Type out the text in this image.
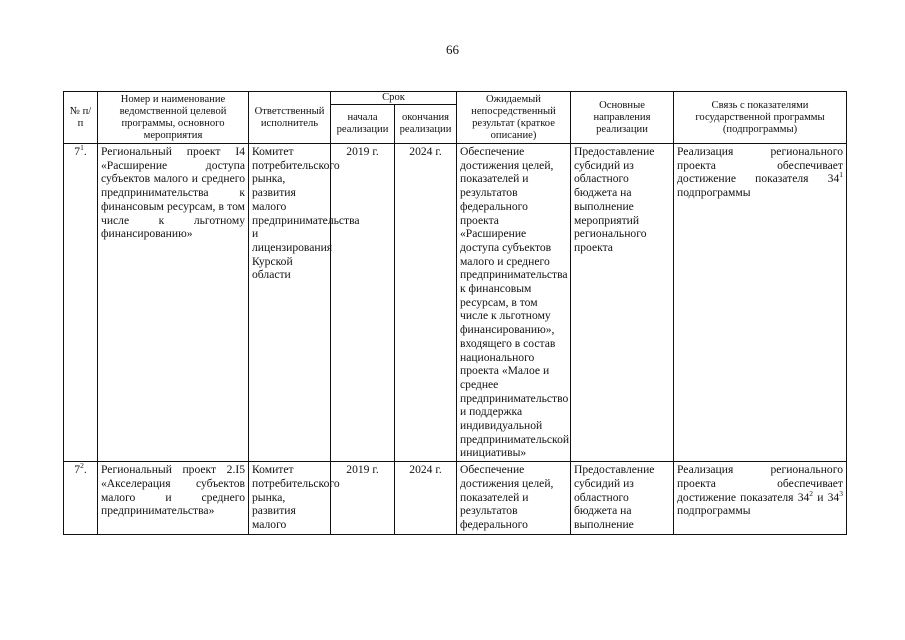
66
№ п/п	Номер и наименование ведомственной целевой программы, основного мероприятия	Ответственный исполнитель	Срок		Ожидаемый непосредственный результат (краткое описание)	Основные направления реализации	Связь с показателями государственной программы (подпрограммы)
			начала реализации	окончания реализации			
$7^1$.	Региональный проект I4 «Расширение доступа субъектов малого и среднего предпринимательства к финансовым ресурсам, в том числе к льготному финансированию»	Комитет потребительского рынка, развития малого предпринимательства и лицензирования Курской области	2019 г.	2024 г.	Обеспечение достижения целей, показателей и результатов федерального проекта «Расширение доступа субъектов малого и среднего предпринимательства к финансовым ресурсам, в том числе к льготному финансированию», входящего в состав национального проекта «Малое и среднее предпринимательство и поддержка индивидуальной предпринимательской инициативы»	Предоставление субсидий из областного бюджета на выполнение мероприятий регионального проекта	Реализация регионального проекта обеспечивает достижение показателя $34^1$ подпрограммы

$7^2$.	Региональный проект 2.I5 «Акселерация субъектов малого и среднего предпринимательства»	Комитет потребительского рынка, развития малого	2019 г.	2024 г.	Обеспечение достижения целей, показателей и результатов федерального	Предоставление субсидий из областного бюджета на выполнение	Реализация регионального проекта обеспечивает достижение показателя $34^2$ и $34^3$ подпрограммы
